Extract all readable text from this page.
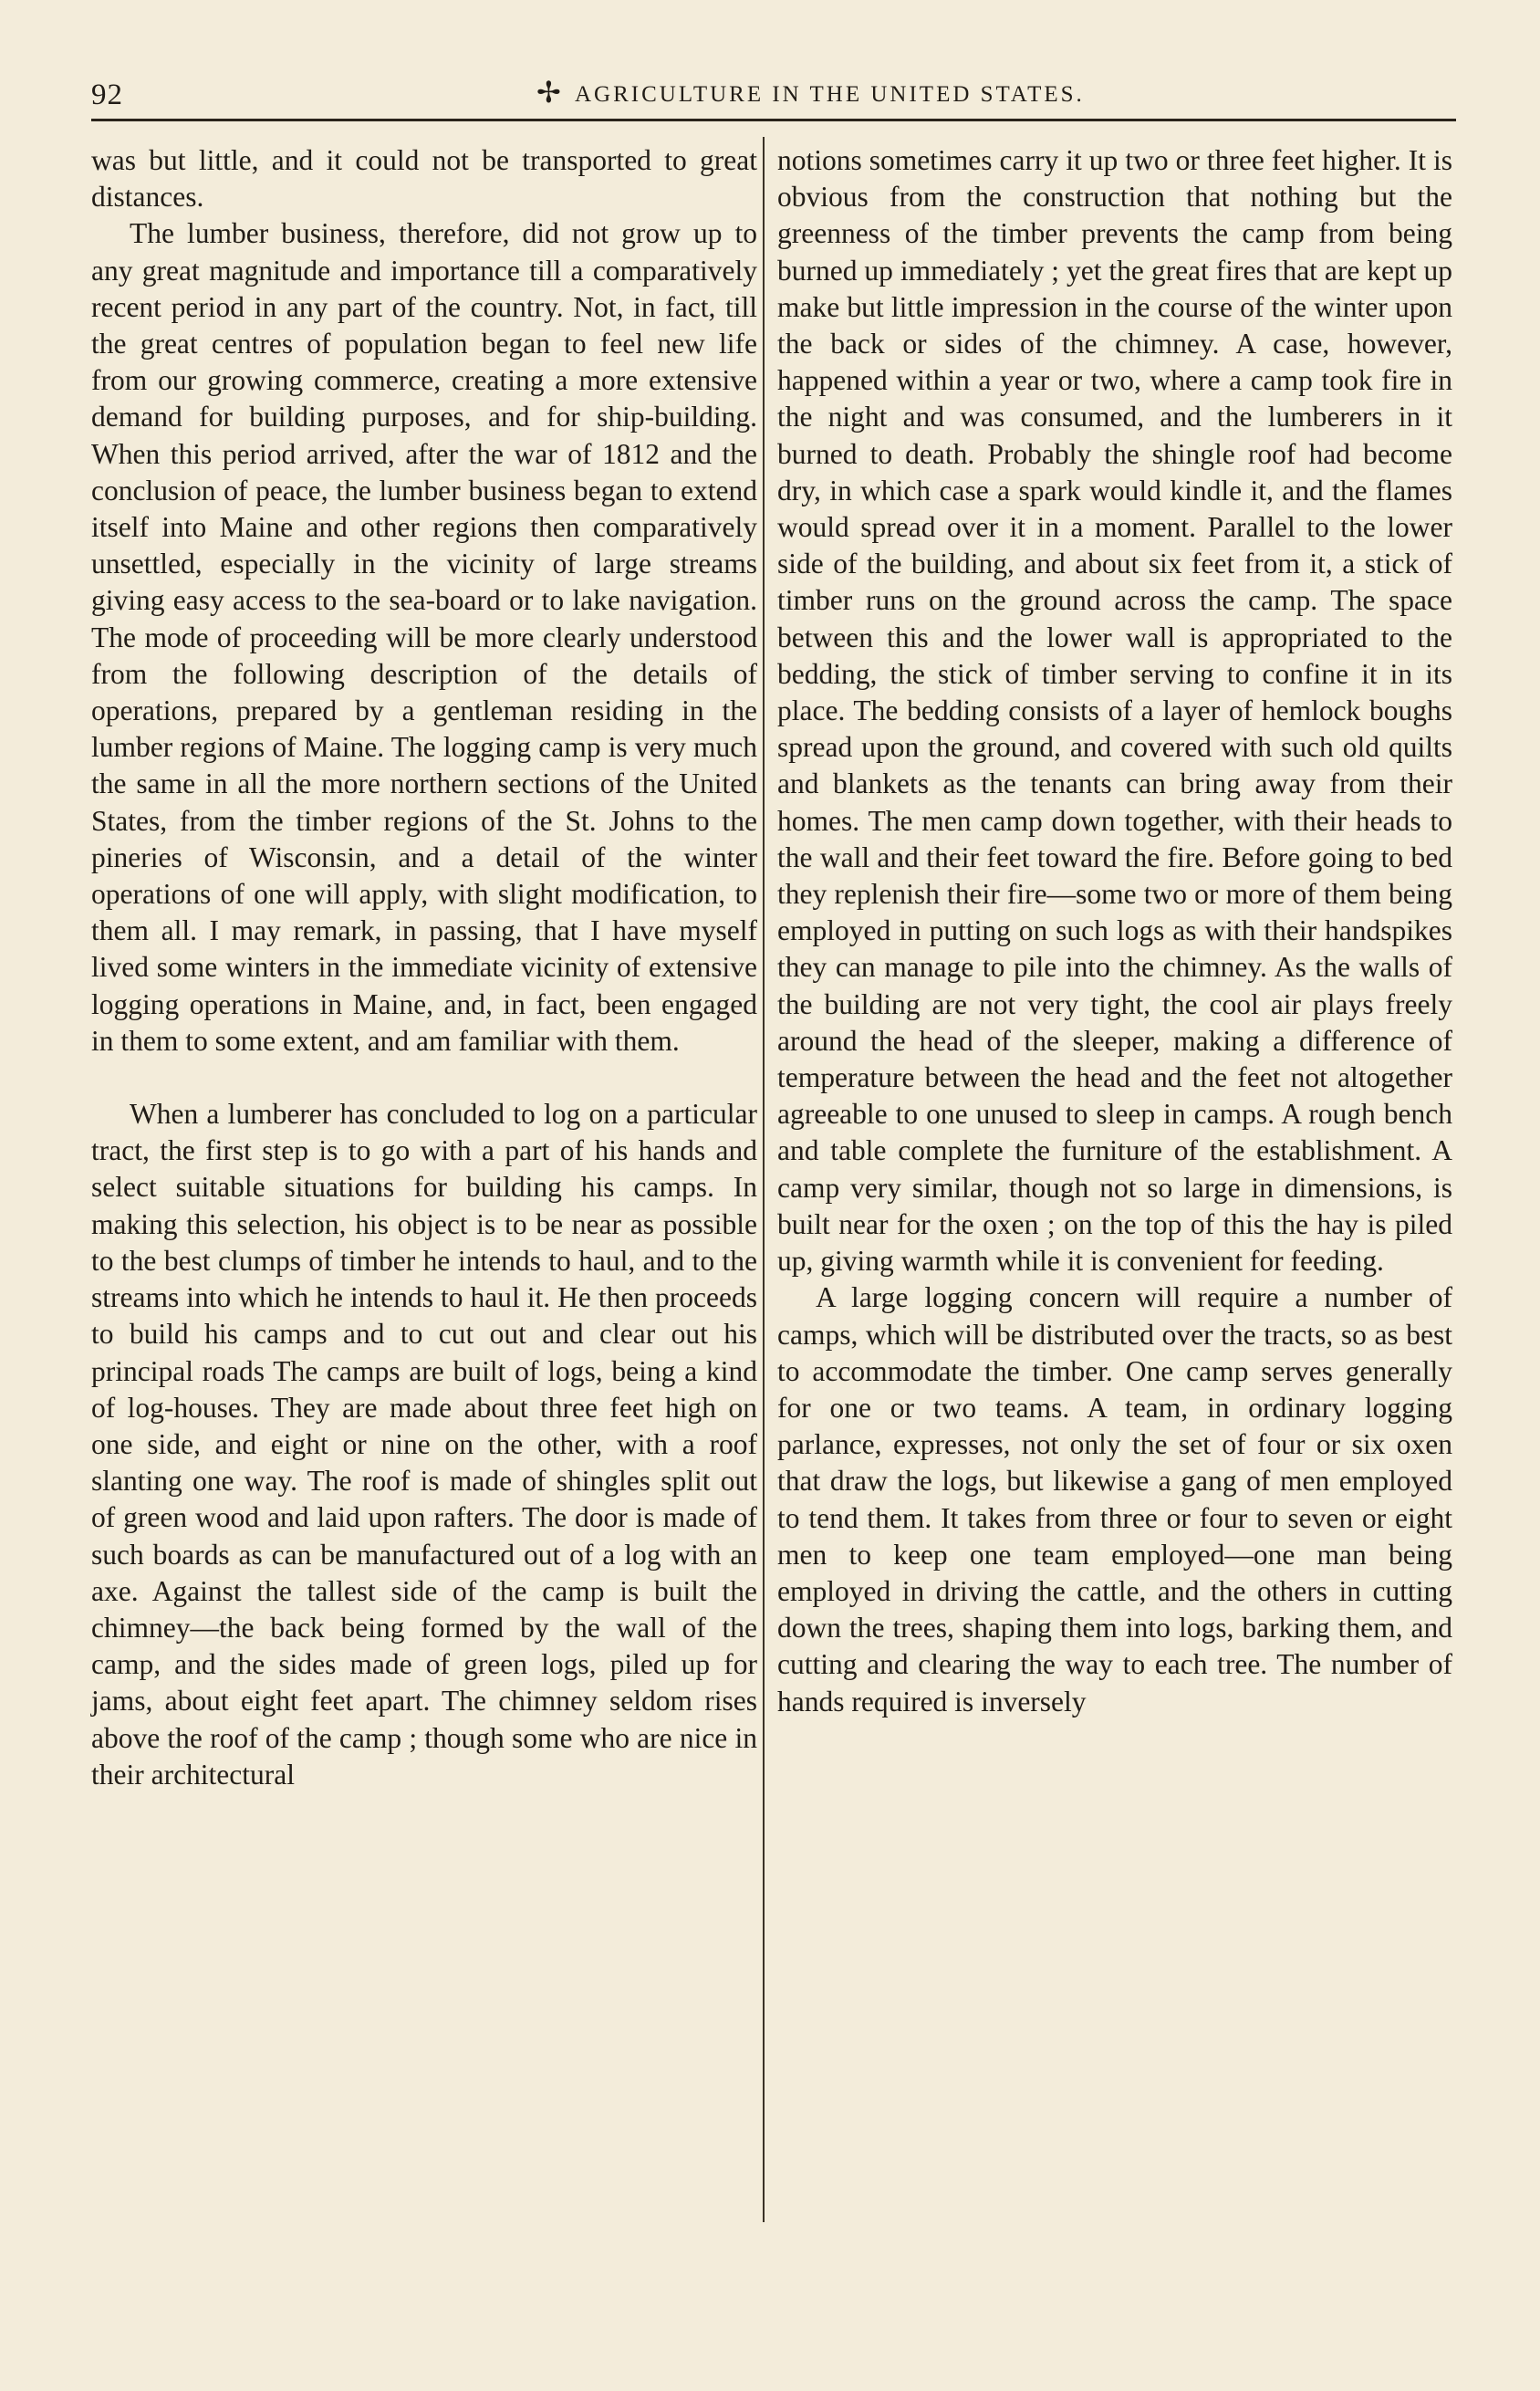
92	✢ AGRICULTURE IN THE UNITED STATES.

was but little, and it could not be transported to great distances.

The lumber business, therefore, did not grow up to any great magnitude and importance till a comparatively recent period in any part of the country. Not, in fact, till the great centres of population began to feel new life from our growing commerce, creating a more extensive demand for building purposes, and for ship-building. When this period arrived, after the war of 1812 and the conclusion of peace, the lumber business began to extend itself into Maine and other regions then comparatively unsettled, especially in the vicinity of large streams giving easy access to the sea-board or to lake navigation. The mode of proceeding will be more clearly understood from the following description of the details of operations, prepared by a gentleman residing in the lumber regions of Maine. The logging camp is very much the same in all the more northern sections of the United States, from the timber regions of the St. Johns to the pineries of Wisconsin, and a detail of the winter operations of one will apply, with slight modification, to them all. I may remark, in passing, that I have myself lived some winters in the immediate vicinity of extensive logging operations in Maine, and, in fact, been engaged in them to some extent, and am familiar with them.

When a lumberer has concluded to log on a particular tract, the first step is to go with a part of his hands and select suitable situations for building his camps. In making this selection, his object is to be near as possible to the best clumps of timber he intends to haul, and to the streams into which he intends to haul it. He then proceeds to build his camps and to cut out and clear out his principal roads The camps are built of logs, being a kind of log-houses. They are made about three feet high on one side, and eight or nine on the other, with a roof slanting one way. The roof is made of shingles split out of green wood and laid upon rafters. The door is made of such boards as can be manufactured out of a log with an axe. Against the tallest side of the camp is built the chimney—the back being formed by the wall of the camp, and the sides made of green logs, piled up for jams, about eight feet apart. The chimney seldom rises above the roof of the camp ; though some who are nice in their architectural

notions sometimes carry it up two or three feet higher. It is obvious from the construction that nothing but the greenness of the timber prevents the camp from being burned up immediately ; yet the great fires that are kept up make but little impression in the course of the winter upon the back or sides of the chimney. A case, however, happened within a year or two, where a camp took fire in the night and was consumed, and the lumberers in it burned to death. Probably the shingle roof had become dry, in which case a spark would kindle it, and the flames would spread over it in a moment. Parallel to the lower side of the building, and about six feet from it, a stick of timber runs on the ground across the camp. The space between this and the lower wall is appropriated to the bedding, the stick of timber serving to confine it in its place. The bedding consists of a layer of hemlock boughs spread upon the ground, and covered with such old quilts and blankets as the tenants can bring away from their homes. The men camp down together, with their heads to the wall and their feet toward the fire. Before going to bed they replenish their fire—some two or more of them being employed in putting on such logs as with their handspikes they can manage to pile into the chimney. As the walls of the building are not very tight, the cool air plays freely around the head of the sleeper, making a difference of temperature between the head and the feet not altogether agreeable to one unused to sleep in camps. A rough bench and table complete the furniture of the establishment. A camp very similar, though not so large in dimensions, is built near for the oxen ; on the top of this the hay is piled up, giving warmth while it is convenient for feeding.

A large logging concern will require a number of camps, which will be distributed over the tracts, so as best to accommodate the timber. One camp serves generally for one or two teams. A team, in ordinary logging parlance, expresses, not only the set of four or six oxen that draw the logs, but likewise a gang of men employed to tend them. It takes from three or four to seven or eight men to keep one team employed—one man being employed in driving the cattle, and the others in cutting down the trees, shaping them into logs, barking them, and cutting and clearing the way to each tree. The number of hands required is inversely
